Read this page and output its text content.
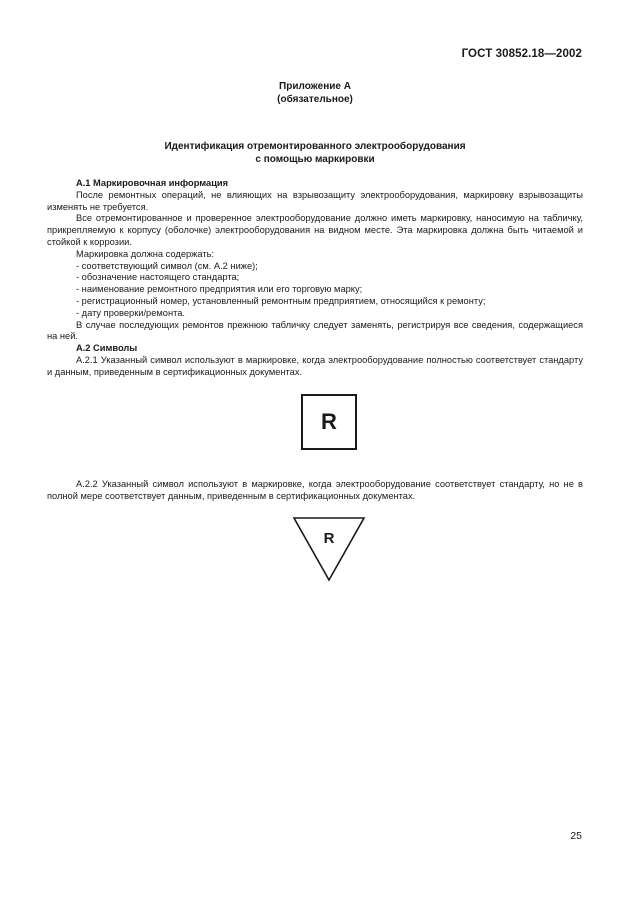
ГОСТ 30852.18—2002
Приложение А
(обязательное)
Идентификация отремонтированного электрооборудования
с помощью маркировки

А.1 Маркировочная информация

После ремонтных операций, не влияющих на взрывозащиту электрооборудования, маркировку взрывозащиты изменять не требуется.

Все отремонтированное и проверенное электрооборудование должно иметь маркировку, наносимую на табличку, прикрепляемую к корпусу (оболочке) электрооборудования на видном месте. Эта маркировка должна быть читаемой и стойкой к коррозии.

Маркировка должна содержать:

- соответствующий символ (см. А.2 ниже);

- обозначение настоящего стандарта;

- наименование ремонтного предприятия или его торговую марку;

- регистрационный номер, установленный ремонтным предприятием, относящийся к ремонту;

- дату проверки/ремонта.

В случае последующих ремонтов прежнюю табличку следует заменять, регистрируя все сведения, содержащиеся на ней.

А.2 Символы

А.2.1 Указанный символ используют в маркировке, когда электрооборудование полностью соответствует стандарту и данным, приведенным в сертификационных документах.

R

А.2.2 Указанный символ используют в маркировке, когда электрооборудование соответствует стандарту, но не в полной мере соответствует данным, приведенным в сертификационных документах.

R
25
